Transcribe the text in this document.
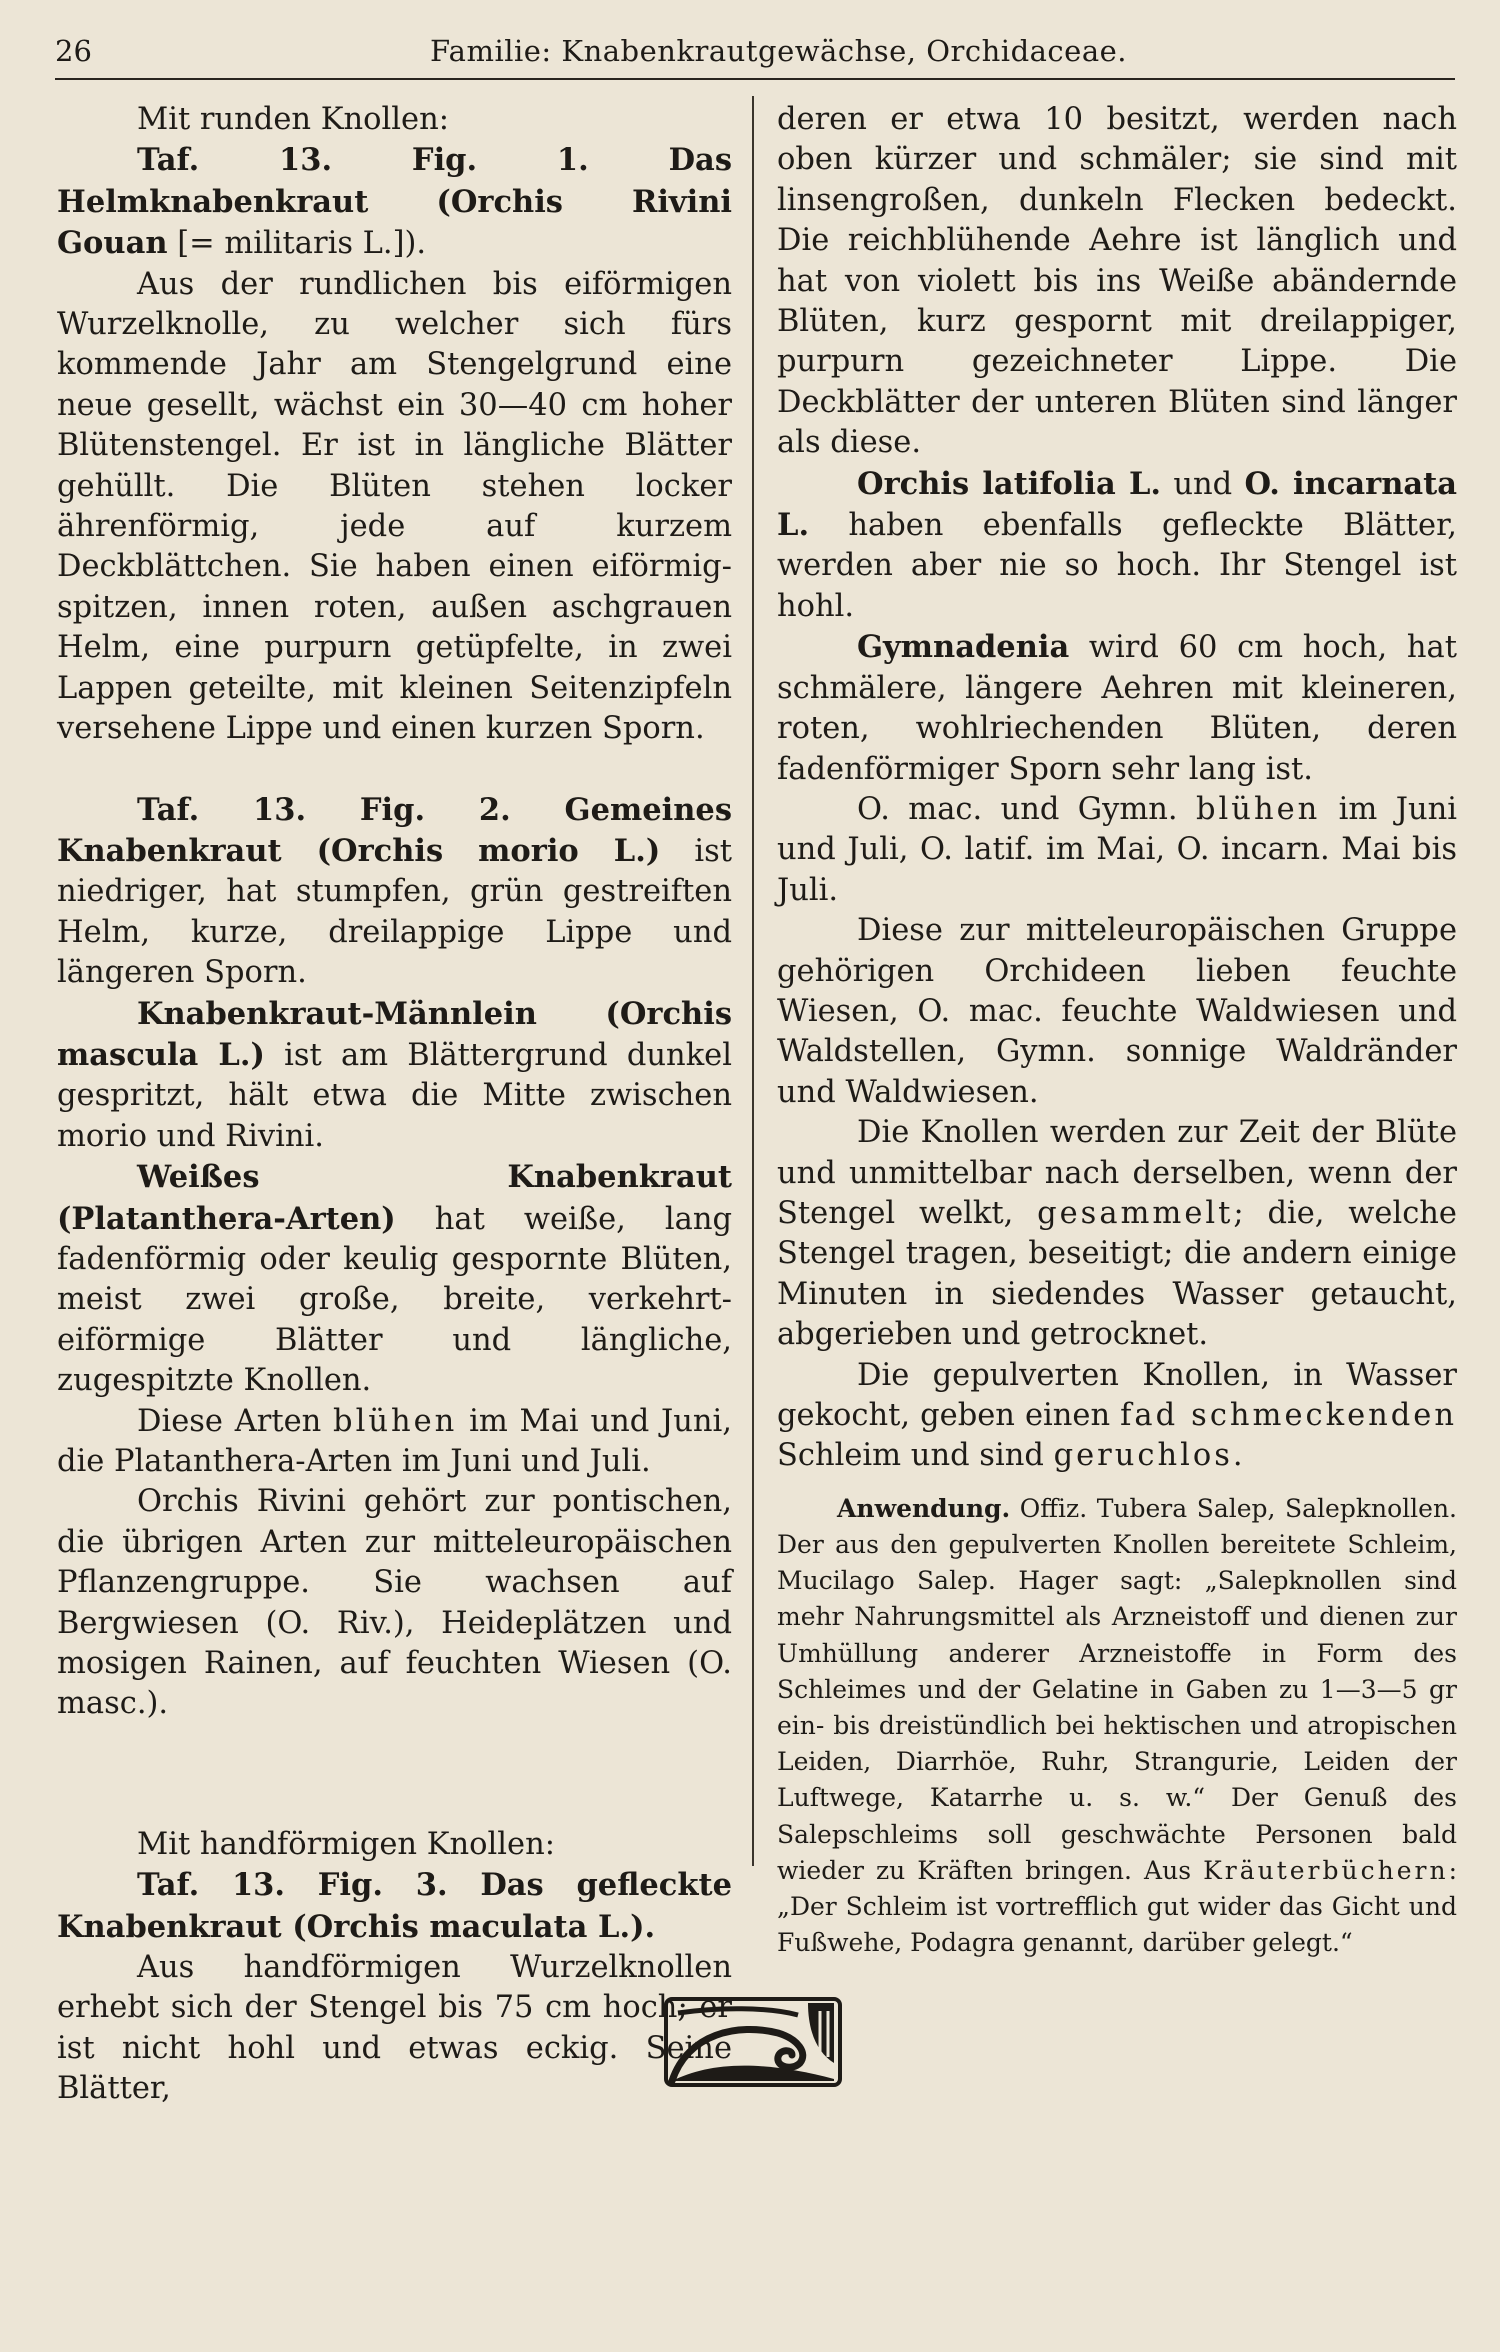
26	Familie: Knabenkrautgewächse, Orchidaceae.

Mit runden Knollen:

Taf. 13. Fig. 1. Das Helmknabenkraut (Orchis Rivini Gouan [= militaris L.]).

Aus der rundlichen bis eiförmigen Wurzelknolle, zu welcher sich fürs kommende Jahr am Stengelgrund eine neue gesellt, wächst ein 30—40 cm hoher Blütenstengel. Er ist in längliche Blätter gehüllt. Die Blüten stehen locker ährenförmig, jede auf kurzem Deckblättchen. Sie haben einen eiförmig-spitzen, innen roten, außen aschgrauen Helm, eine purpurn getüpfelte, in zwei Lappen geteilte, mit kleinen Seitenzipfeln versehene Lippe und einen kurzen Sporn.

Taf. 13. Fig. 2. Gemeines Knabenkraut (Orchis morio L.) ist niedriger, hat stumpfen, grün gestreiften Helm, kurze, dreilappige Lippe und längeren Sporn.

Knabenkraut-Männlein (Orchis mascula L.) ist am Blättergrund dunkel gespritzt, hält etwa die Mitte zwischen morio und Rivini.

Weißes Knabenkraut (Platanthera-Arten) hat weiße, lang fadenförmig oder keulig gespornte Blüten, meist zwei große, breite, verkehrt-eiförmige Blätter und längliche, zugespitzte Knollen.

Diese Arten blühen im Mai und Juni, die Platanthera-Arten im Juni und Juli.

Orchis Rivini gehört zur pontischen, die übrigen Arten zur mitteleuropäischen Pflanzengruppe. Sie wachsen auf Bergwiesen (O. Riv.), Heideplätzen und mosigen Rainen, auf feuchten Wiesen (O. masc.).

Mit handförmigen Knollen:

Taf. 13. Fig. 3. Das gefleckte Knabenkraut (Orchis maculata L.).

Aus handförmigen Wurzelknollen erhebt sich der Stengel bis 75 cm hoch; er ist nicht hohl und etwas eckig. Seine Blätter,

deren er etwa 10 besitzt, werden nach oben kürzer und schmäler; sie sind mit linsengroßen, dunkeln Flecken bedeckt. Die reichblühende Aehre ist länglich und hat von violett bis ins Weiße abändernde Blüten, kurz gespornt mit dreilappiger, purpurn gezeichneter Lippe. Die Deckblätter der unteren Blüten sind länger als diese.

Orchis latifolia L. und O. incarnata L. haben ebenfalls gefleckte Blätter, werden aber nie so hoch. Ihr Stengel ist hohl.

Gymnadenia wird 60 cm hoch, hat schmälere, längere Aehren mit kleineren, roten, wohlriechenden Blüten, deren fadenförmiger Sporn sehr lang ist.

O. mac. und Gymn. blühen im Juni und Juli, O. latif. im Mai, O. incarn. Mai bis Juli.

Diese zur mitteleuropäischen Gruppe gehörigen Orchideen lieben feuchte Wiesen, O. mac. feuchte Waldwiesen und Waldstellen, Gymn. sonnige Waldränder und Waldwiesen.

Die Knollen werden zur Zeit der Blüte und unmittelbar nach derselben, wenn der Stengel welkt, gesammelt; die, welche Stengel tragen, beseitigt; die andern einige Minuten in siedendes Wasser getaucht, abgerieben und getrocknet.

Die gepulverten Knollen, in Wasser gekocht, geben einen fad schmeckenden Schleim und sind geruchlos.

Anwendung. Offiz. Tubera Salep, Salepknollen. Der aus den gepulverten Knollen bereitete Schleim, Mucilago Salep. Hager sagt: „Salepknollen sind mehr Nahrungsmittel als Arzneistoff und dienen zur Umhüllung anderer Arzneistoffe in Form des Schleimes und der Gelatine in Gaben zu 1—3—5 gr ein- bis dreistündlich bei hektischen und atropischen Leiden, Diarrhöe, Ruhr, Strangurie, Leiden der Luftwege, Katarrhe u. s. w.“ Der Genuß des Salepschleims soll geschwächte Personen bald wieder zu Kräften bringen. Aus Kräuterbüchern: „Der Schleim ist vortrefflich gut wider das Gicht und Fußwehe, Podagra genannt, darüber gelegt.“
